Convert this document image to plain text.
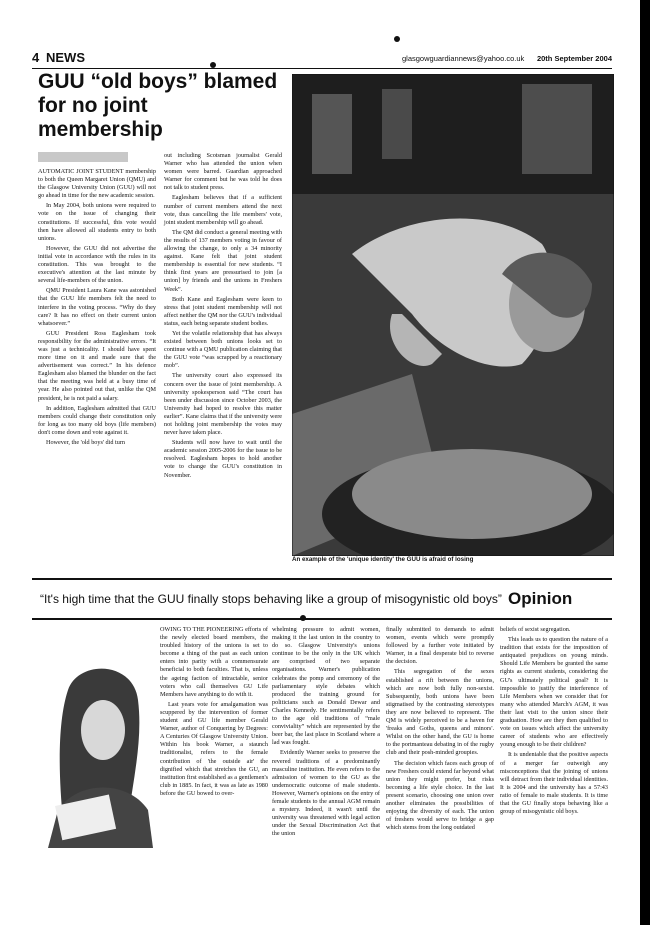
4 NEWS	glasgowguardiannews@yahoo.co.uk 20th September 2004
GUU “old boys” blamed for no joint membership

AUTOMATIC JOINT STUDENT membership to both the Queen Margaret Union (QMU) and the Glasgow University Union (GUU) will not go ahead in time for the new academic session.

In May 2004, both unions were required to vote on the issue of changing their constitutions. If successful, this vote would then have allowed all students entry to both unions.

However, the GUU did not advertise the initial vote in accordance with the rules in its constitution. This was brought to the executive's attention at the last minute by several life-members of the union.

QMU President Laura Kane was astonished that the GUU life members felt the need to interfere in the voting process. “Why do they care? It has no effect on their current union whatsoever.”

GUU President Ross Eaglesham took responsibility for the administrative errors. “It was just a technicality. I should have spent more time on it and made sure that the advertisement was correct.” In his defence Eaglesham also blamed the blunder on the fact that the meeting was held at a busy time of year. He also pointed out that, unlike the QM president, he is not paid a salary.

In addition, Eaglesham admitted that GUU members could change their constitution only for long as too many old boys (life members) don't come down and vote against it.

However, the 'old boys' did turn

out including Scotsman journalist Gerald Warner who has attended the union when women were barred. Guardian approached Warner for comment but he was told he does not talk to student press.

Eaglesham believes that if a sufficient number of current members attend the next vote, thus cancelling the life members' vote, joint student membership will go ahead.

The QM did conduct a general meeting with the results of 137 members voting in favour of allowing the change, to only a 34 minority against. Kane felt that joint student membership is essential for new students. “I think first years are pressurised to join [a union] by friends and the unions in Freshers Week”.

Both Kane and Eaglesham were keen to stress that joint student membership will not affect neither the QM nor the GUU's individual status, each being separate student bodies.

Yet the volatile relationship that has always existed between both unions looks set to continue with a QMU publication claiming that the GUU vote “was scrapped by a reactionary mob”.

The university court also expressed its concern over the issue of joint membership. A university spokesperson said “The court has been under discussion since October 2003, the University had hoped to resolve this matter earlier”. Kane claims that if the university were not holding joint membership the votes may never have taken place.

Students will now have to wait until the academic session 2005-2006 for the issue to be resolved. Eaglesham hopes to hold another vote to change the GUU's constitution in November.

An example of the 'unique identity' the GUU is afraid of losing
“It's high time that the GUU finally stops behaving like a group of misogynistic old boys” Opinion

OWING TO THE PIONEERING efforts of the newly elected board members, the troubled history of the unions is set to become a thing of the past as each union enters into parity with a commensurate beneficial to both faculties. That is, unless the ageing faction of intractable, senior voters who call themselves GU Life Members have anything to do with it.

Last years vote for amalgamation was scuppered by the intervention of former student and GU life member Gerald Warner, author of Conquering by Degrees: A Centuries Of Glasgow University Union. Within his book Warner, a staunch traditionalist, refers to the female contribution of 'the outside air' the dignified which that stretches the GU, an institution first established as a gentlemen's club in 1885. In fact, it was as late as 1980 before the GU bowed to over-

whelming pressure to admit women, making it the last union in the country to do so. Glasgow University's unions continue to be the only in the UK which are comprised of two separate organisations. Warner's publication celebrates the pomp and ceremony of the parliamentary style debates which produced the training ground for politicians such as Donald Dewar and Charles Kennedy. He sentimentally refers to the age old traditions of “male conviviality” which are represented by the beer bar, the last place in Scotland where a lad was fought.

Evidently Warner seeks to preserve the revered traditions of a predominantly masculine institution. He even refers to the admission of women to the GU as the undemocratic outcome of male students. However, Warner's opinions on the entry of female students to the annual AGM remain a mystery. Indeed, it wasn't until the university was threatened with legal action under the Sexual Discrimination Act that the union

finally submitted to demands to admit women, events which were promptly followed by a further vote initiated by Warner, in a final desperate bid to reverse the decision.

This segregation of the sexes established a rift between the unions, which are now both fully non-sexist. Subsequently, both unions have been stigmatised by the contrasting stereotypes they are now believed to represent. The QM is widely perceived to be a haven for 'freaks and Goths, queens and minors'. Whilst on the other hand, the GU is home to the portmanteau debating in of the rugby club and their posh-minded groupies.

The decision which faces each group of new Freshers could extend far beyond what union they might prefer, but risks becoming a life style choice. In the last present scenario, choosing one union over another eliminates the possibilities of enjoying the diversity of each. The union of freshers would serve to bridge a gap which stems from the long outdated

beliefs of sexist segregation.

This leads us to question the nature of a tradition that exists for the imposition of antiquated prejudices on young minds. Should Life Members be granted the same rights as current students, considering the GU's ultimately political goal? It is impossible to justify the interference of Life Members when we consider that for many who attended March's AGM, it was their last visit to the union since their graduation. How are they then qualified to vote on issues which affect the university career of students who are effectively young enough to be their children?

It is undeniable that the positive aspects of a merger far outweigh any misconceptions that the joining of unions will detract from their individual identities. It is 2004 and the university has a 57:43 ratio of female to male students. It is time that the GU finally stops behaving like a group of misogynistic old boys.
